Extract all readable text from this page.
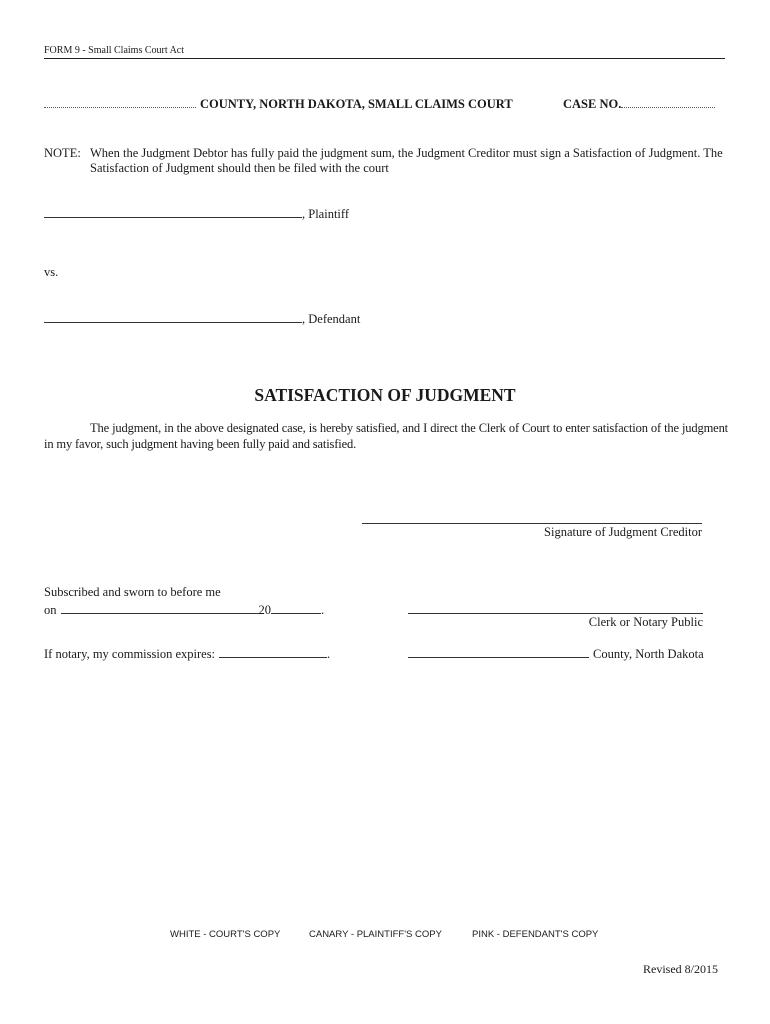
FORM 9 - Small Claims Court Act
COUNTY, NORTH DAKOTA, SMALL CLAIMS COURT	CASE NO.
NOTE: When the Judgment Debtor has fully paid the judgment sum, the Judgment Creditor must sign a Satisfaction of Judgment. The Satisfaction of Judgment should then be filed with the court
, Plaintiff
vs.
, Defendant
SATISFACTION OF JUDGMENT
The judgment, in the above designated case, is hereby satisfied, and I direct the Clerk of Court to enter satisfaction of the judgment in my favor, such judgment having been fully paid and satisfied.
Signature of Judgment Creditor
Subscribed and sworn to before me
on	20	.
Clerk or Notary Public
If notary, my commission expires:	.	County, North Dakota
WHITE - COURT'S COPY	CANARY - PLAINTIFF'S COPY	PINK - DEFENDANT'S COPY
Revised 8/2015
